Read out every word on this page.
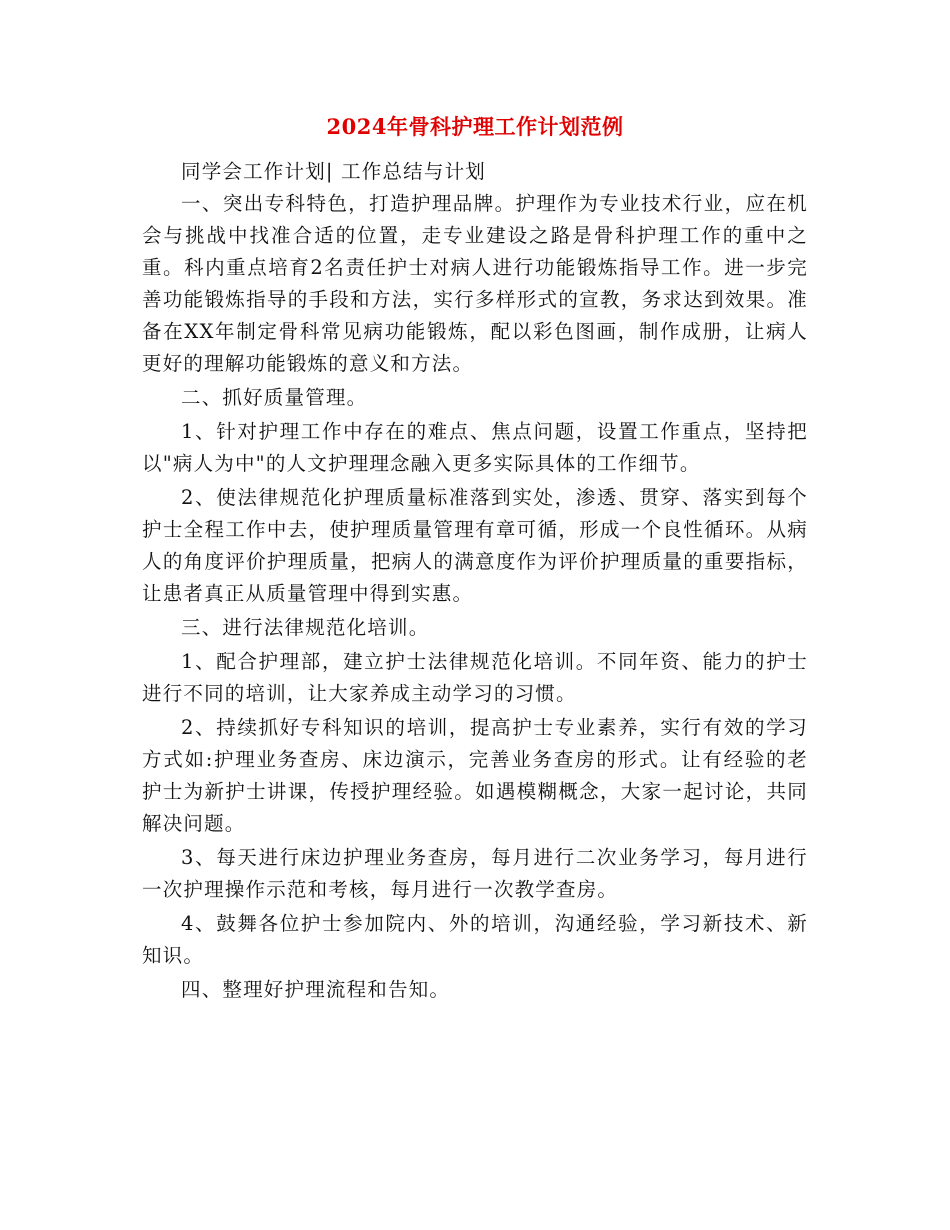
2024年骨科护理工作计划范例

同学会工作计划| 工作总结与计划

一、突出专科特色，打造护理品牌。护理作为专业技术行业，应在机会与挑战中找准合适的位置，走专业建设之路是骨科护理工作的重中之重。科内重点培育2名责任护士对病人进行功能锻炼指导工作。进一步完善功能锻炼指导的手段和方法，实行多样形式的宣教，务求达到效果。准备在XX年制定骨科常见病功能锻炼，配以彩色图画，制作成册，让病人更好的理解功能锻炼的意义和方法。

二、抓好质量管理。

1、针对护理工作中存在的难点、焦点问题，设置工作重点，坚持把以"病人为中"的人文护理理念融入更多实际具体的工作细节。

2、使法律规范化护理质量标准落到实处，渗透、贯穿、落实到每个护士全程工作中去，使护理质量管理有章可循，形成一个良性循环。从病人的角度评价护理质量，把病人的满意度作为评价护理质量的重要指标，让患者真正从质量管理中得到实惠。

三、进行法律规范化培训。

1、配合护理部，建立护士法律规范化培训。不同年资、能力的护士进行不同的培训，让大家养成主动学习的习惯。

2、持续抓好专科知识的培训，提高护士专业素养，实行有效的学习方式如:护理业务查房、床边演示，完善业务查房的形式。让有经验的老护士为新护士讲课，传授护理经验。如遇模糊概念，大家一起讨论，共同解决问题。

3、每天进行床边护理业务查房，每月进行二次业务学习，每月进行一次护理操作示范和考核，每月进行一次教学查房。

4、鼓舞各位护士参加院内、外的培训，沟通经验，学习新技术、新知识。

四、整理好护理流程和告知。
